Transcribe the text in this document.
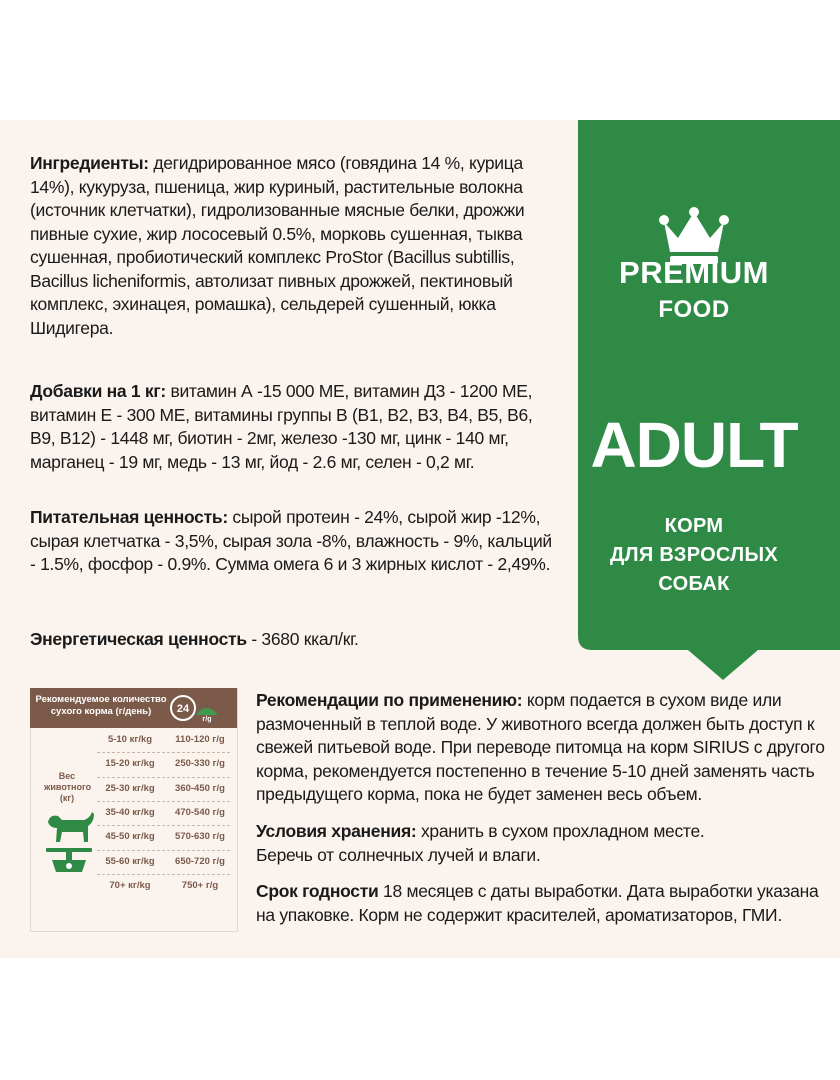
Ингредиенты: дегидрированное мясо (говядина 14 %, курица 14%), кукуруза, пшеница, жир куриный, растительные волокна (источник клетчатки), гидролизованные мясные белки, дрожжи пивные сухие, жир лососевый 0.5%, морковь сушенная, тыква сушенная, пробиотический комплекс ProStor (Bacillus subtillis, Bacillus licheniformis, автолизат пивных дрожжей, пектиновый комплекс, эхинацея, ромашка), сельдерей сушенный, юкка Шидигера.

Добавки на 1 кг: витамин А -15 000 МЕ, витамин Д3 - 1200 МЕ, витамин Е - 300 МЕ, витамины группы В (В1, В2, В3, В4, В5, В6, В9, В12) - 1448 мг, биотин - 2мг, железо -130 мг, цинк - 140 мг, марганец - 19 мг, медь - 13 мг, йод - 2.6 мг, селен - 0,2 мг.

Питательная ценность: сырой протеин - 24%, сырой жир -12%, сырая клетчатка - 3,5%, сырая зола -8%, влажность - 9%, кальций - 1.5%, фосфор - 0.9%. Сумма омега 6 и 3 жирных кислот - 2,49%.

Энергетическая ценность - 3680 ккал/кг.

PREMIUM
FOOD
ADULT
КОРМ
ДЛЯ ВЗРОСЛЫХ
СОБАК
Рекомендуемое количество
сухого корма (г/день)	24
г/g
Вес
животного
(кг)
5-10 кг/kg	110-120 г/g
15-20 кг/kg	250-330 г/g
25-30 кг/kg	360-450 г/g
35-40 кг/kg	470-540 г/g
45-50 кг/kg	570-630 г/g
55-60 кг/kg	650-720 г/g
70+ кг/kg	750+ г/g

Рекомендации по применению: корм подается в сухом виде или размоченный в теплой воде. У животного всегда должен быть доступ к свежей питьевой воде. При переводе питомца на корм SIRIUS с другого корма, рекомендуется постепенно в течение 5-10 дней заменять часть предыдущего корма, пока не будет заменен весь объем.

Условия хранения: хранить в сухом прохладном месте.
Беречь от солнечных лучей и влаги.

Срок годности 18 месяцев с даты выработки. Дата выработки указана на упаковке. Корм не содержит красителей, ароматизаторов, ГМИ.
